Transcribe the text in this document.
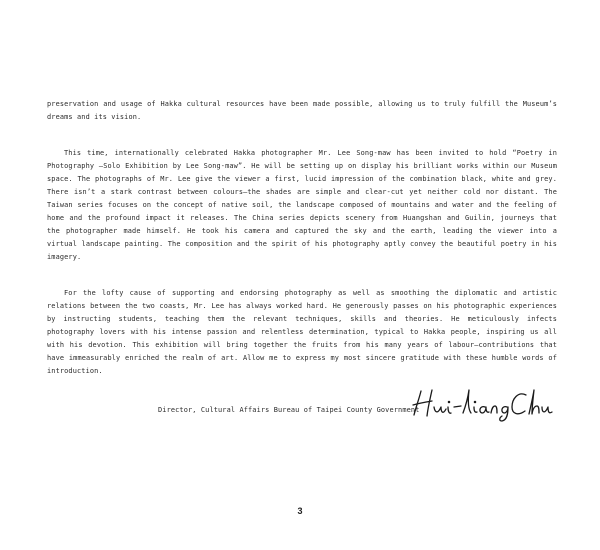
preservation and usage of Hakka cultural resources have been made possible, allowing us to truly fulfill the Museum’s dreams and its vision.

This time, internationally celebrated Hakka photographer Mr. Lee Song-maw has been invited to hold “Poetry in Photography —Solo Exhibition by Lee Song-maw”. He will be setting up on display his brilliant works within our Museum space. The photographs of Mr. Lee give the viewer a first, lucid impression of the combination black, white and grey. There isn’t a stark contrast between colours—the shades are simple and clear-cut yet neither cold nor distant. The Taiwan series focuses on the concept of native soil, the landscape composed of mountains and water and the feeling of home and the profound impact it releases. The China series depicts scenery from Huangshan and Guilin, journeys that the photographer made himself. He took his camera and captured the sky and the earth, leading the viewer into a virtual landscape painting. The composition and the spirit of his photography aptly convey the beautiful poetry in his imagery.

For the lofty cause of supporting and endorsing photography as well as smoothing the diplomatic and artistic relations between the two coasts, Mr. Lee has always worked hard. He generously passes on his photographic experiences by instructing students, teaching them the relevant techniques, skills and theories. He meticulously infects photography lovers with his intense passion and relentless determination, typical to Hakka people, inspiring us all with his devotion. This exhibition will bring together the fruits from his many years of labour—contributions that have immeasurably enriched the realm of art. Allow me to express my most sincere gratitude with these humble words of introduction.

Director, Cultural Affairs Bureau of Taipei County Government
3
